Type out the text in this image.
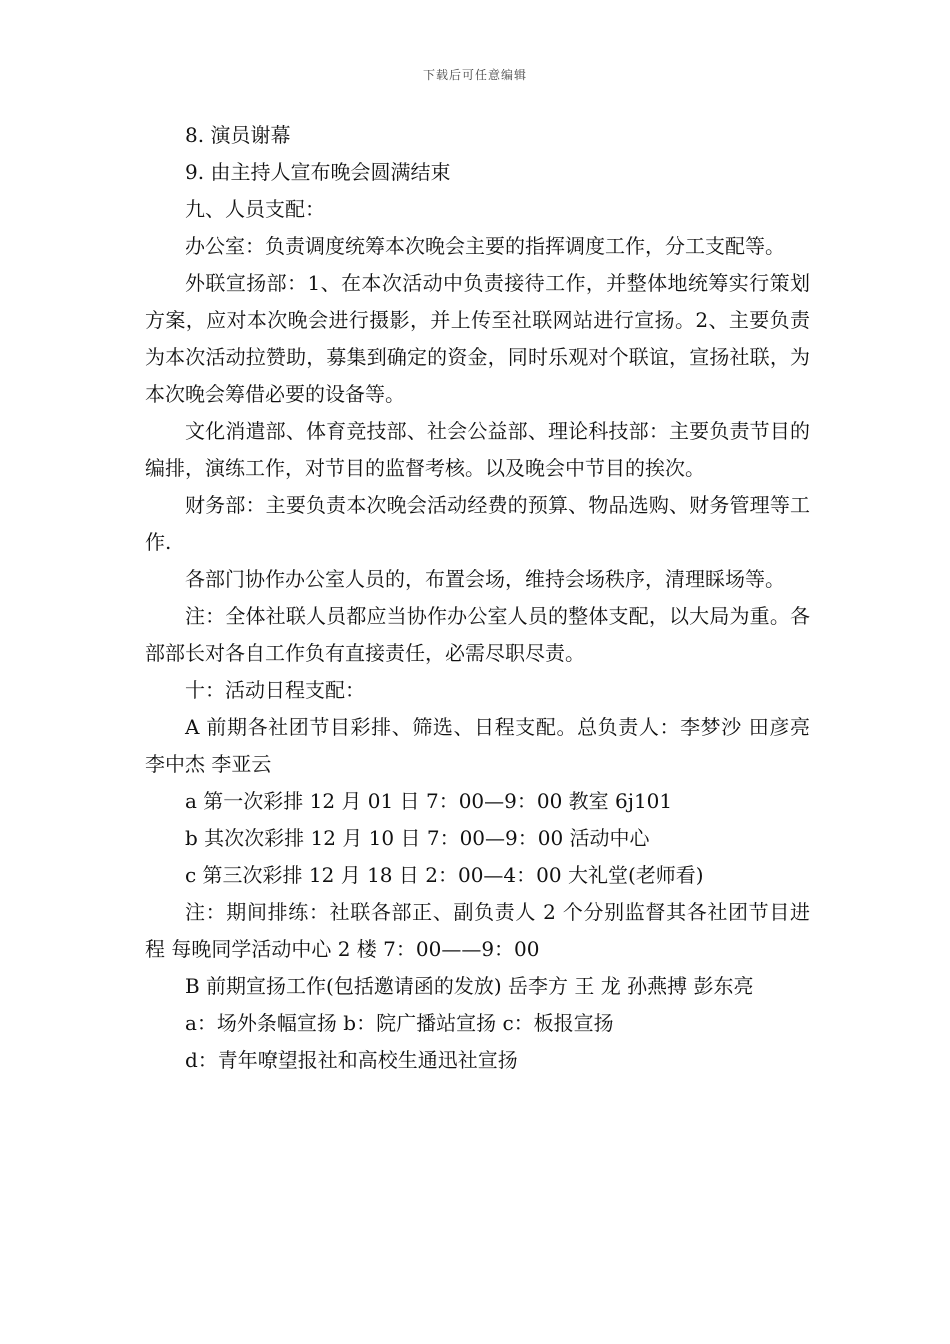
下载后可任意编辑

8. 演员谢幕

9. 由主持人宣布晚会圆满结束

九、人员支配：

办公室：负责调度统筹本次晚会主要的指挥调度工作，分工支配等。

外联宣扬部：1、在本次活动中负责接待工作，并整体地统筹实行策划方案，应对本次晚会进行摄影，并上传至社联网站进行宣扬。2、主要负责为本次活动拉赞助，募集到确定的资金，同时乐观对个联谊，宣扬社联，为本次晚会筹借必要的设备等。

文化消遣部、体育竞技部、社会公益部、理论科技部：主要负责节目的编排，演练工作，对节目的监督考核。以及晚会中节目的挨次。

财务部：主要负责本次晚会活动经费的预算、物品选购、财务管理等工作.

各部门协作办公室人员的，布置会场，维持会场秩序，清理睬场等。

注：全体社联人员都应当协作办公室人员的整体支配，以大局为重。各部部长对各自工作负有直接责任，必需尽职尽责。

十：活动日程支配：

A 前期各社团节目彩排、筛选、日程支配。总负责人：李梦沙 田彦亮 李中杰 李亚云

a 第一次彩排 12 月 01 日 7：00—9：00 教室 6j101

b 其次次彩排 12 月 10 日 7：00—9：00 活动中心

c 第三次彩排 12 月 18 日 2：00—4：00 大礼堂(老师看)

注：期间排练：社联各部正、副负责人 2 个分别监督其各社团节目进程 每晚同学活动中心 2 楼 7：00——9：00

B 前期宣扬工作(包括邀请函的发放) 岳李方 王 龙 孙燕搏 彭东亮

a：场外条幅宣扬 b：院广播站宣扬 c：板报宣扬

d：青年嘹望报社和高校生通迅社宣扬
